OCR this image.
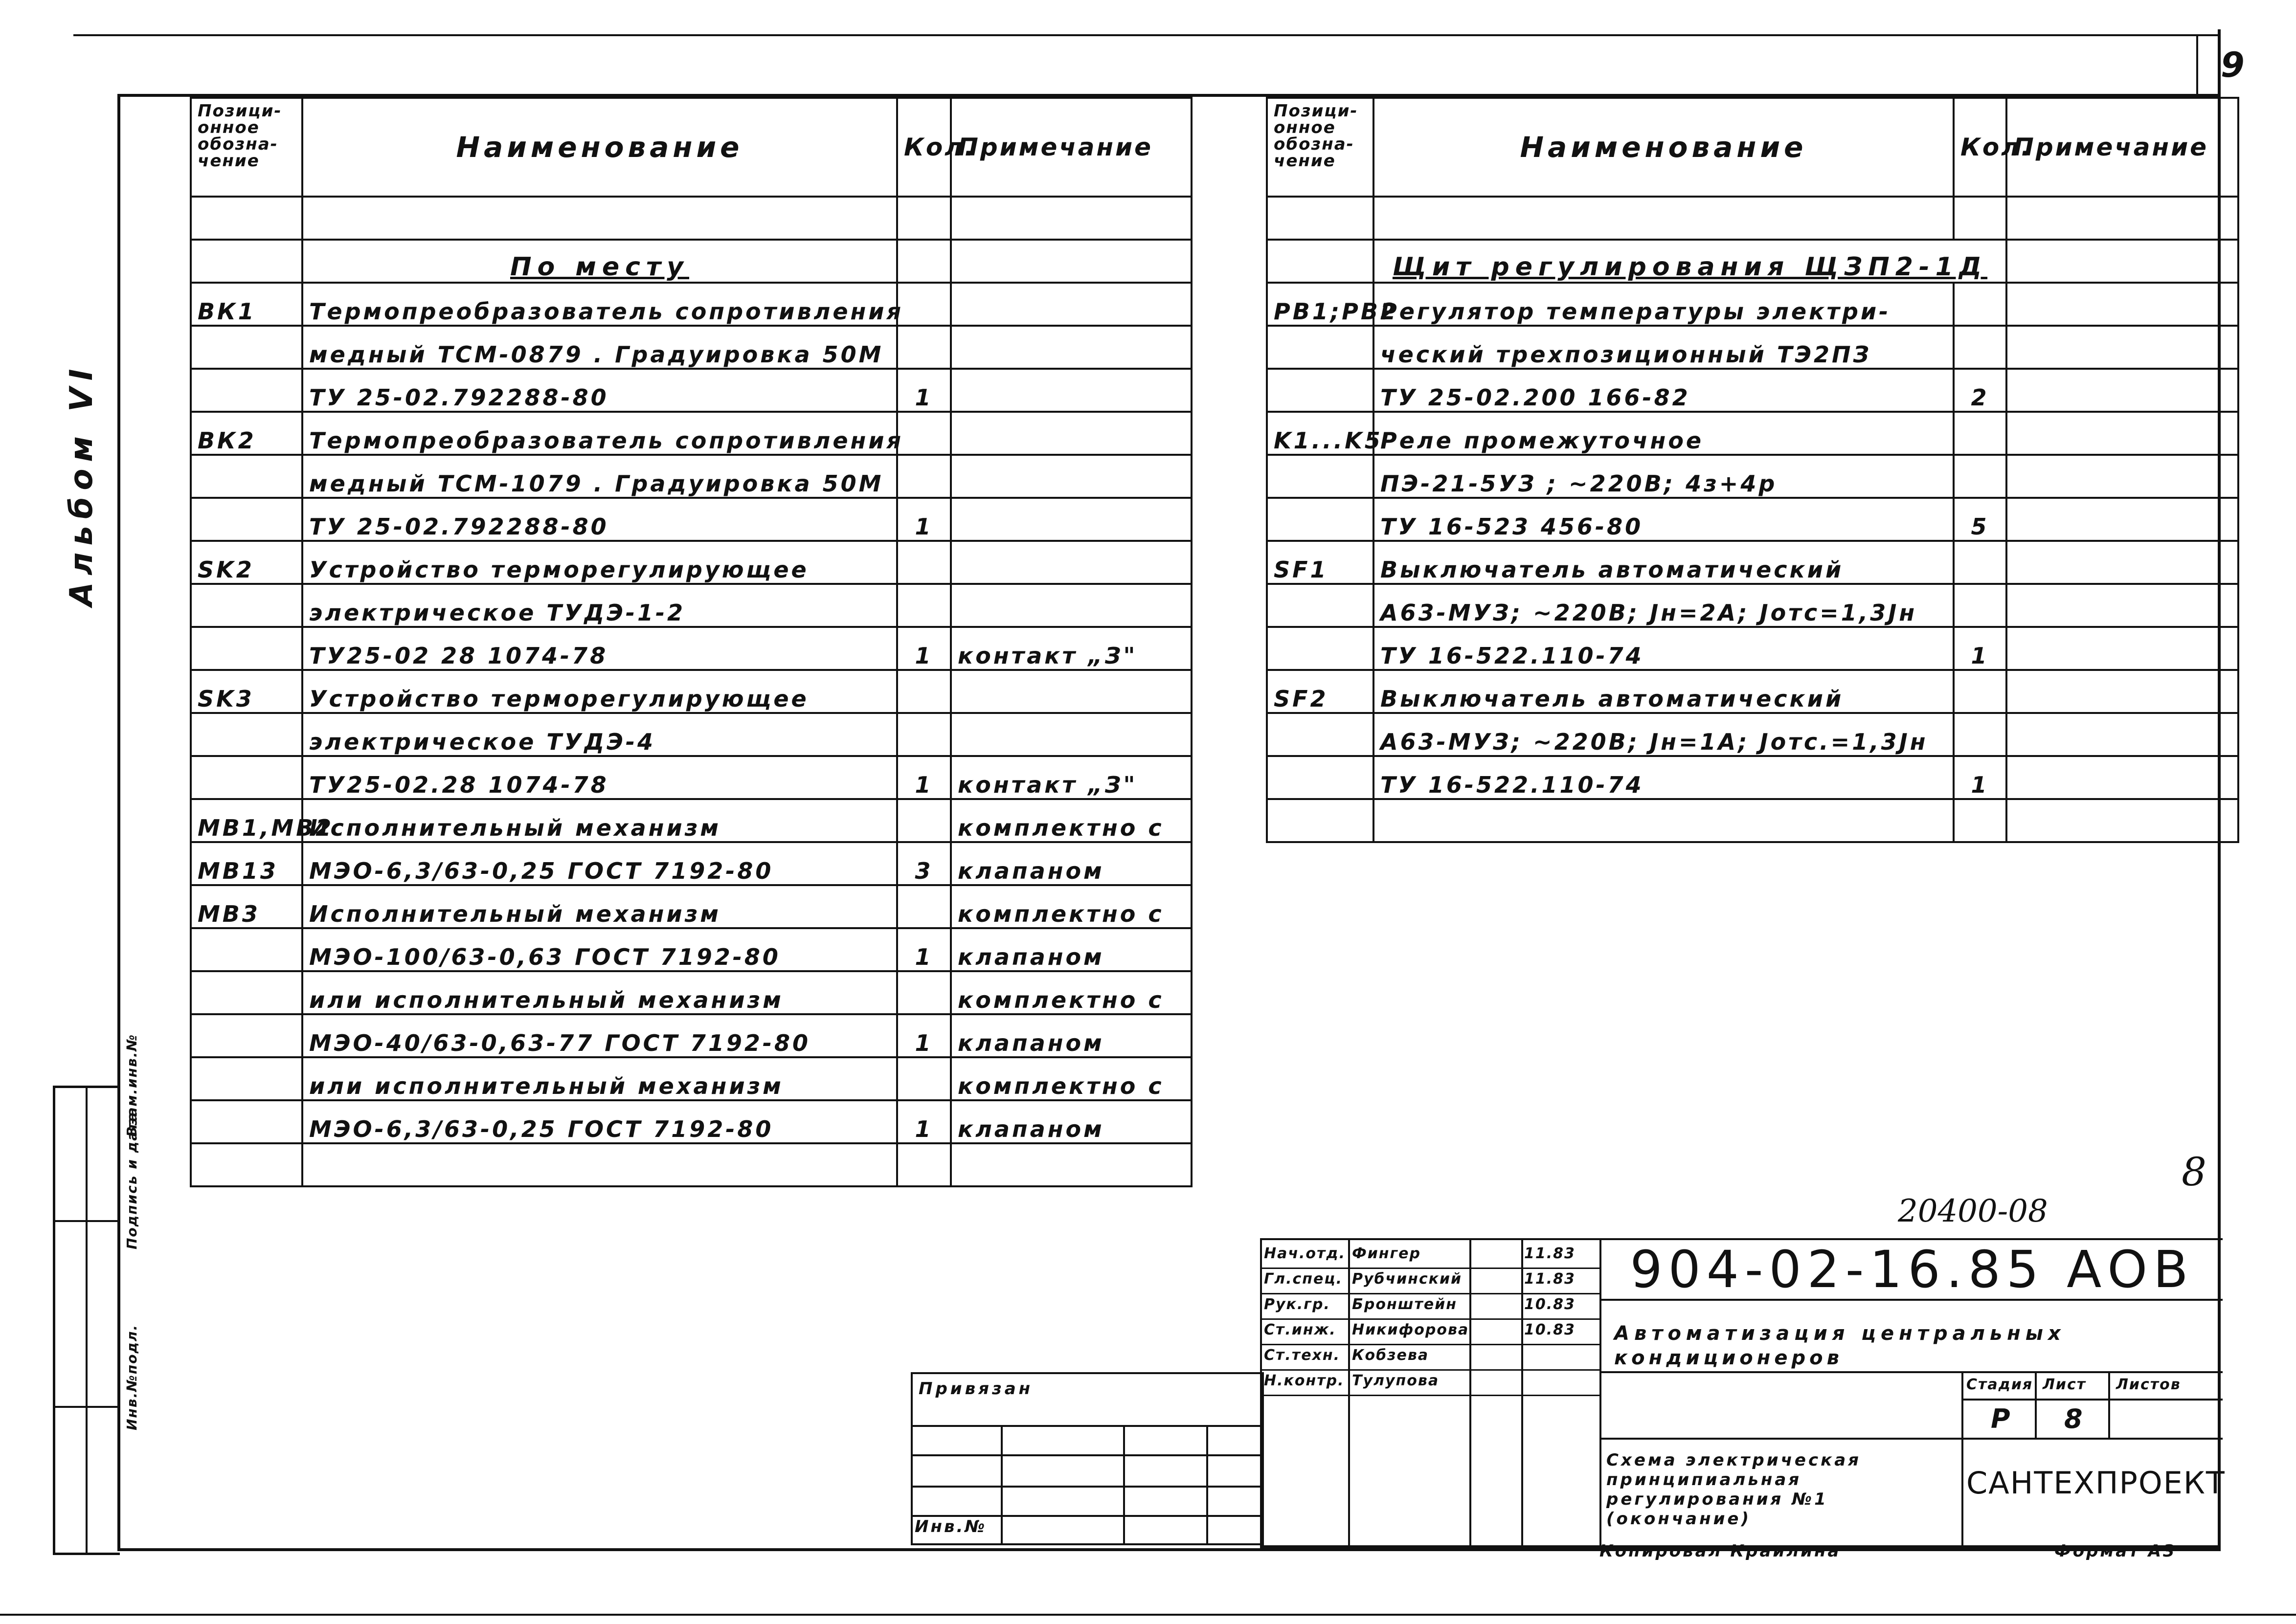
9
Альбом VI
Взам.инв.№
Подпись и дата
Инв.№подл.
Позици-онное обозна-чение	Наименование	Кол.	Примечание

	По месту		
ВК1	Термопреобразователь сопротивления		
	медный ТСМ-0879 . Градуировка 50М		
	ТУ 25-02.792288-80	1	
ВК2	Термопреобразователь сопротивления		
	медный ТСМ-1079 . Градуировка 50М		
	ТУ 25-02.792288-80	1	
SK2	Устройство терморегулирующее		
	электрическое ТУДЭ-1-2		
	ТУ25-02 28 1074-78	1	контакт „З"
SK3	Устройство терморегулирующее		
	электрическое ТУДЭ-4		
	ТУ25-02.28 1074-78	1	контакт „З"
МВ1,МВ2	Исполнительный механизм		комплектно с
МВ13	МЭО-6,3/63-0,25 ГОСТ 7192-80	3	клапаном
МВ3	Исполнительный механизм		комплектно с
	МЭО-100/63-0,63 ГОСТ 7192-80	1	клапаном
	или исполнительный механизм		комплектно с
	МЭО-40/63-0,63-77 ГОСТ 7192-80	1	клапаном
	или исполнительный механизм		комплектно с
	МЭО-6,3/63-0,25 ГОСТ 7192-80	1	клапаном

Позици-онное обозна-чение	Наименование	Кол.	Примечание

	Щит регулирования ЩЗП2-1Д		
РВ1;РВ2	Регулятор температуры электри-		
	ческий трехпозиционный ТЭ2ПЗ		
	ТУ 25-02.200 166-82	2	
K1...K5	Реле промежуточное		
	ПЭ-21-5УЗ ; ~220В; 4з+4р		
	ТУ 16-523 456-80	5	
SF1	Выключатель автоматический		
	А63-МУЗ; ~220В; Jн=2А; Jотс=1,3Jн		
	ТУ 16-522.110-74	1	
SF2	Выключатель автоматический		
	А63-МУЗ; ~220В; Jн=1А; Jотс.=1,3Jн		
	ТУ 16-522.110-74	1	

20400-08
8
Привязан
Инв.№
Нач.отд. Фингер	11.83
Гл.спец. Рубчинский	11.83
Рук.гр. Бронштейн	10.83
Ст.инж. Никифорова	10.83
Ст.техн. Кобзева
Н.контр. Тулупова
904-02-16.85 АОВ
Автоматизация центральных
кондиционеров
Стадия Лист Листов
Р 8
Схема электрическая принципиальная регулирования №1 (окончание)
САНТЕХПРОЕКТ
Копировал Краилина	Формат А3
